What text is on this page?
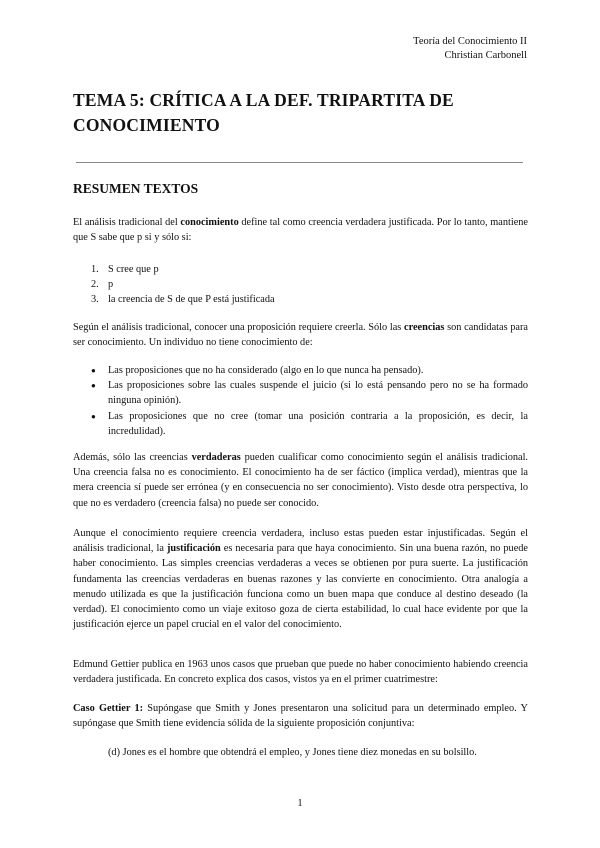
Teoría del Conocimiento II
Christian Carbonell
TEMA 5: CRÍTICA A LA DEF. TRIPARTITA DE CONOCIMIENTO
RESUMEN TEXTOS

El análisis tradicional del conocimiento define tal como creencia verdadera justificada. Por lo tanto, mantiene que S sabe que p si y sólo si:

1. S cree que p
2. p
3. la creencia de S de que P está justificada

Según el análisis tradicional, conocer una proposición requiere creerla. Sólo las creencias son candidatas para ser conocimiento. Un individuo no tiene conocimiento de:

●	Las proposiciones que no ha considerado (algo en lo que nunca ha pensado).
●	Las proposiciones sobre las cuales suspende el juicio (si lo está pensando pero no se ha formado ninguna opinión).
●	Las proposiciones que no cree (tomar una posición contraria a la proposición, es decir, la incredulidad).

Además, sólo las creencias verdaderas pueden cualificar como conocimiento según el análisis tradicional. Una creencia falsa no es conocimiento. El conocimiento ha de ser fáctico (implica verdad), mientras que la mera creencia sí puede ser errónea (y en consecuencia no ser conocimiento). Visto desde otra perspectiva, lo que no es verdadero (creencia falsa) no puede ser conocido.

Aunque el conocimiento requiere creencia verdadera, incluso estas pueden estar injustificadas. Según el análisis tradicional, la justificación es necesaria para que haya conocimiento. Sin una buena razón, no puede haber conocimiento. Las simples creencias verdaderas a veces se obtienen por pura suerte. La justificación fundamenta las creencias verdaderas en buenas razones y las convierte en conocimiento. Otra analogía a menudo utilizada es que la justificación funciona como un buen mapa que conduce al destino deseado (la verdad). El conocimiento como un viaje exitoso goza de cierta estabilidad, lo cual hace evidente por que la justificación ejerce un papel crucial en el valor del conocimiento.

Edmund Gettier publica en 1963 unos casos que prueban que puede no haber conocimiento habiendo creencia verdadera justificada. En concreto explica dos casos, vistos ya en el primer cuatrimestre:

Caso Gettier 1: Supóngase que Smith y Jones presentaron una solicitud para un determinado empleo. Y supóngase que Smith tiene evidencia sólida de la siguiente proposición conjuntiva:

(d) Jones es el hombre que obtendrá el empleo, y Jones tiene diez monedas en su bolsillo.

1
